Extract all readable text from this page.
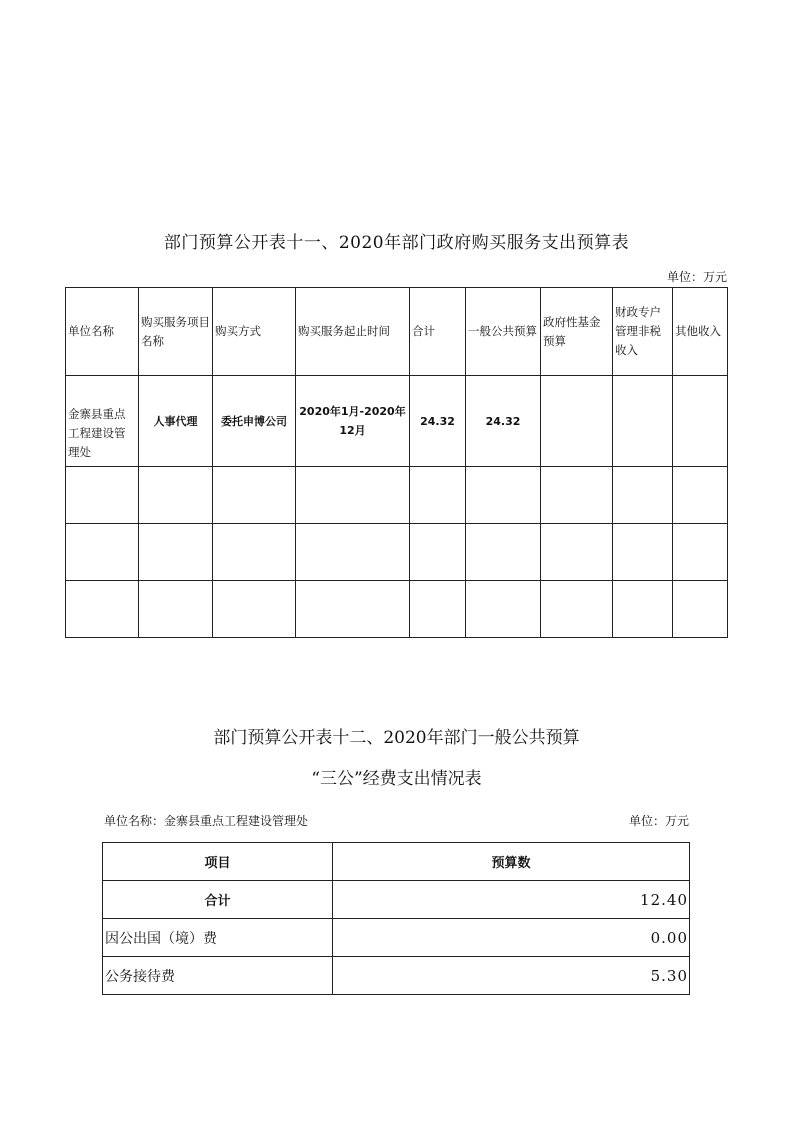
部门预算公开表十一、2020年部门政府购买服务支出预算表
单位：万元
单位名称	购买服务项目名称	购买方式	购买服务起止时间	合计	一般公共预算	政府性基金预算	财政专户管理非税收入	其他收入
金寨县重点工程建设管理处	人事代理	委托申博公司	2020年1月-2020年12月	24.32	24.32			

部门预算公开表十二、2020年部门一般公共预算
“三公”经费支出情况表
单位名称：金寨县重点工程建设管理处	单位：万元
项目	预算数
合计	12.40
因公出国（境）费	0.00
公务接待费	5.30
